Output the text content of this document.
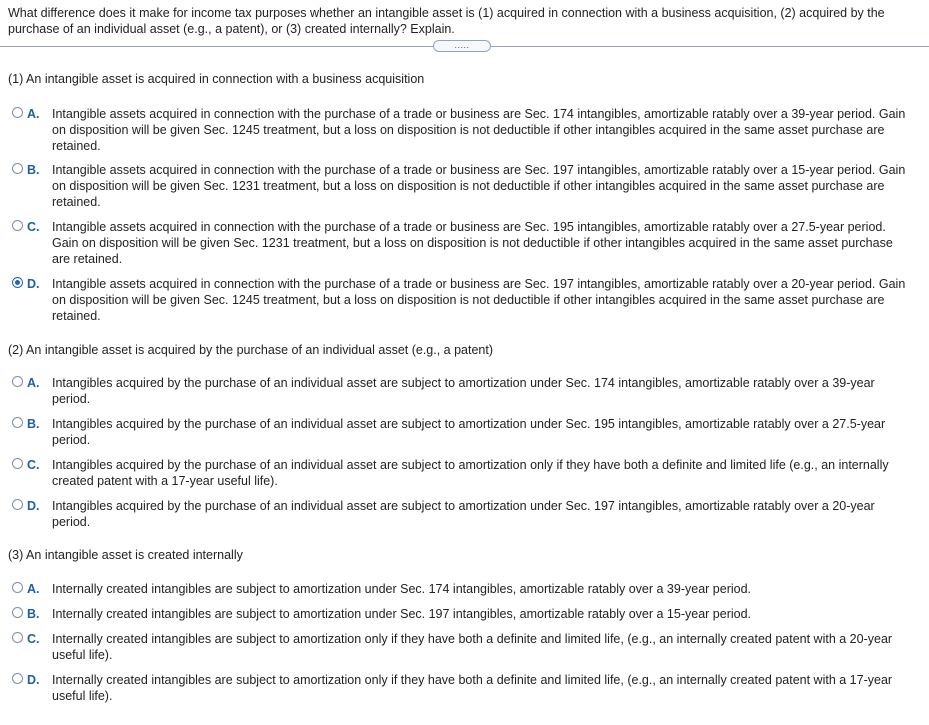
What difference does it make for income tax purposes whether an intangible asset is (1) acquired in connection with a business acquisition, (2) acquired by the purchase of an individual asset (e.g., a patent), or (3) created internally? Explain.
.....
(1) An intangible asset is acquired in connection with a business acquisition
A. Intangible assets acquired in connection with the purchase of a trade or business are Sec. 174 intangibles, amortizable ratably over a 39-year period. Gain on disposition will be given Sec. 1245 treatment, but a loss on disposition is not deductible if other intangibles acquired in the same asset purchase are retained.
B. Intangible assets acquired in connection with the purchase of a trade or business are Sec. 197 intangibles, amortizable ratably over a 15-year period. Gain on disposition will be given Sec. 1231 treatment, but a loss on disposition is not deductible if other intangibles acquired in the same asset purchase are retained.
C. Intangible assets acquired in connection with the purchase of a trade or business are Sec. 195 intangibles, amortizable ratably over a 27.5-year period. Gain on disposition will be given Sec. 1231 treatment, but a loss on disposition is not deductible if other intangibles acquired in the same asset purchase are retained.
D. Intangible assets acquired in connection with the purchase of a trade or business are Sec. 197 intangibles, amortizable ratably over a 20-year period. Gain on disposition will be given Sec. 1245 treatment, but a loss on disposition is not deductible if other intangibles acquired in the same asset purchase are retained.
(2) An intangible asset is acquired by the purchase of an individual asset (e.g., a patent)
A. Intangibles acquired by the purchase of an individual asset are subject to amortization under Sec. 174 intangibles, amortizable ratably over a 39-year period.
B. Intangibles acquired by the purchase of an individual asset are subject to amortization under Sec. 195 intangibles, amortizable ratably over a 27.5-year period.
C. Intangibles acquired by the purchase of an individual asset are subject to amortization only if they have both a definite and limited life (e.g., an internally created patent with a 17-year useful life).
D. Intangibles acquired by the purchase of an individual asset are subject to amortization under Sec. 197 intangibles, amortizable ratably over a 20-year period.
(3) An intangible asset is created internally
A. Internally created intangibles are subject to amortization under Sec. 174 intangibles, amortizable ratably over a 39-year period.
B. Internally created intangibles are subject to amortization under Sec. 197 intangibles, amortizable ratably over a 15-year period.
C. Internally created intangibles are subject to amortization only if they have both a definite and limited life, (e.g., an internally created patent with a 20-year useful life).
D. Internally created intangibles are subject to amortization only if they have both a definite and limited life, (e.g., an internally created patent with a 17-year useful life).
